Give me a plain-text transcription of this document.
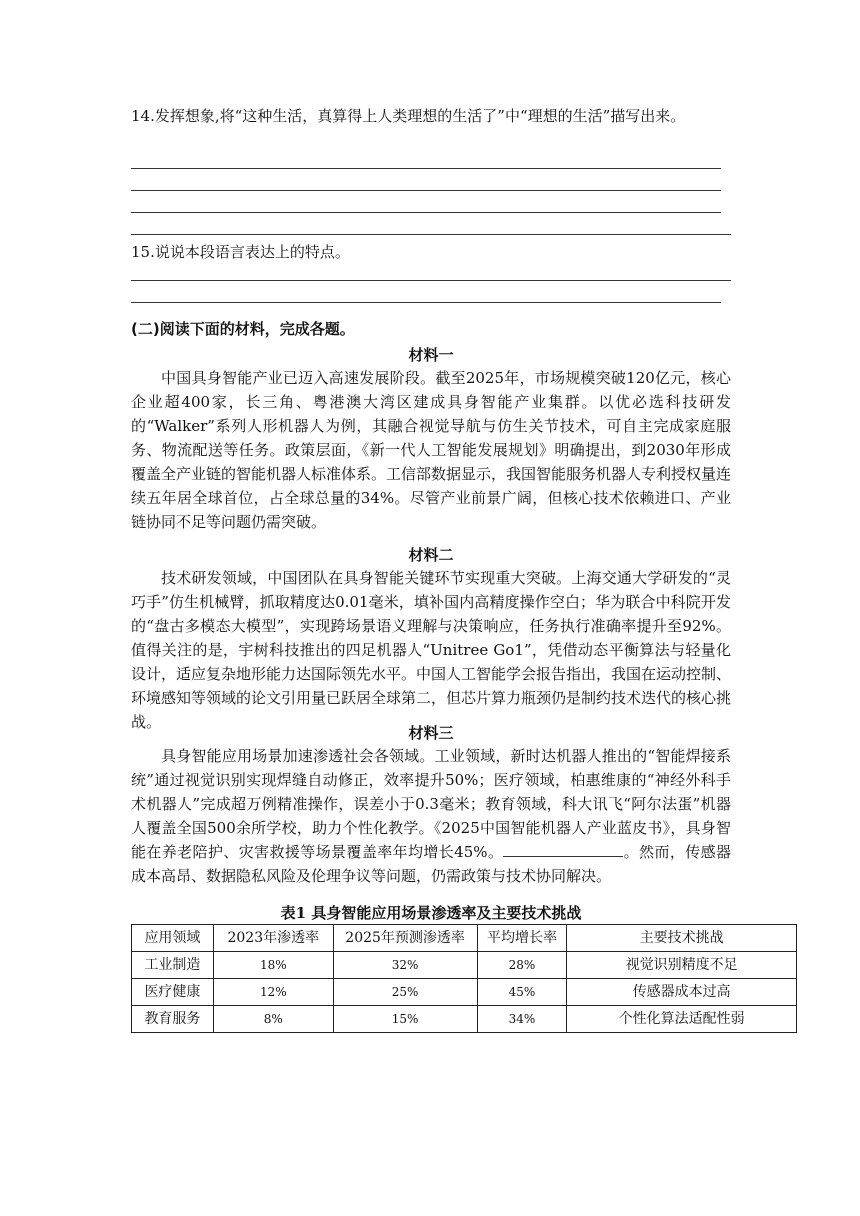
14.发挥想象,将“这种生活，真算得上人类理想的生活了”中“理想的生活”描写出来。
15.说说本段语言表达上的特点。
(二)阅读下面的材料，完成各题。
材料一

中国具身智能产业已迈入高速发展阶段。截至2025年，市场规模突破120亿元，核心企业超400家，长三角、粤港澳大湾区建成具身智能产业集群。以优必选科技研发的“Walker”系列人形机器人为例，其融合视觉导航与仿生关节技术，可自主完成家庭服务、物流配送等任务。政策层面，《新一代人工智能发展规划》明确提出，到2030年形成覆盖全产业链的智能机器人标准体系。工信部数据显示，我国智能服务机器人专利授权量连续五年居全球首位，占全球总量的34%。尽管产业前景广阔，但核心技术依赖进口、产业链协同不足等问题仍需突破。

材料二

技术研发领域，中国团队在具身智能关键环节实现重大突破。上海交通大学研发的“灵巧手”仿生机械臂，抓取精度达0.01毫米，填补国内高精度操作空白；华为联合中科院开发的“盘古多模态大模型”，实现跨场景语义理解与决策响应，任务执行准确率提升至92%。值得关注的是，宇树科技推出的四足机器人“Unitree Go1”，凭借动态平衡算法与轻量化设计，适应复杂地形能力达国际领先水平。中国人工智能学会报告指出，我国在运动控制、环境感知等领域的论文引用量已跃居全球第二，但芯片算力瓶颈仍是制约技术迭代的核心挑战。

材料三

具身智能应用场景加速渗透社会各领域。工业领域，新时达机器人推出的“智能焊接系统”通过视觉识别实现焊缝自动修正，效率提升50%；医疗领域，柏惠维康的“神经外科手术机器人”完成超万例精准操作，误差小于0.3毫米；教育领域，科大讯飞“阿尔法蛋”机器人覆盖全国500余所学校，助力个性化教学。《2025中国智能机器人产业蓝皮书》，具身智能在养老陪护、灾害救援等场景覆盖率年均增长45%。	。然而，传感器成本高昂、数据隐私风险及伦理争议等问题，仍需政策与技术协同解决。

表1 具身智能应用场景渗透率及主要技术挑战
应用领域	2023年渗透率	2025年预测渗透率	平均增长率	主要技术挑战
工业制造	18%	32%	28%	视觉识别精度不足
医疗健康	12%	25%	45%	传感器成本过高
教育服务	8%	15%	34%	个性化算法适配性弱
